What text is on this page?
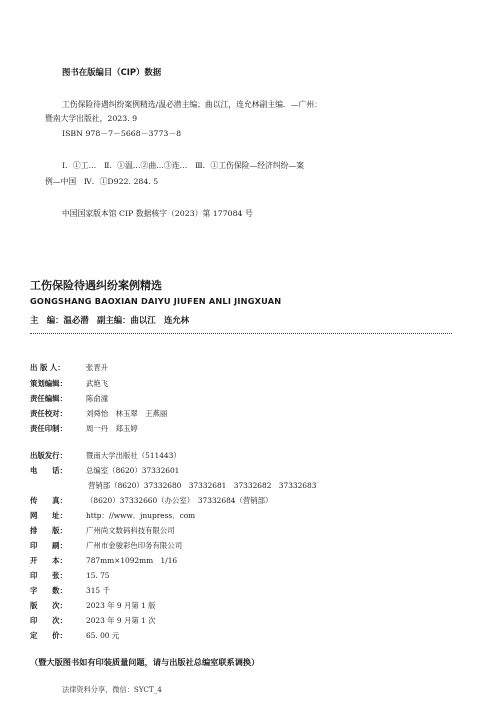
图书在版编目（CIP）数据
工伤保险待遇纠纷案例精选/温必潜主编；曲以江，连允林副主编．—广州：
暨南大学出版社，2023. 9
ISBN 978－7－5668－3773－8
Ⅰ．①工…　Ⅱ．①温…②曲…③连…　Ⅲ．①工伤保险—经济纠纷—案
例—中国　Ⅳ．①D922. 284. 5
中国国家版本馆 CIP 数据核字（2023）第 177084 号
工伤保险待遇纠纷案例精选
GONGSHANG BAOXIAN DAIYU JIUFEN ANLI JINGXUAN
主　编：温必潜　副主编：曲以江　连允林
出 版 人：	张晋升
策划编辑：	武艳飞
责任编辑：	陈俞潼
责任校对：	刘舜怡　林玉翠　王燕丽
责任印制：	周一丹　郑玉婷
出版发行：	暨南大学出版社（511443）
电　　话：	总编室（8620）37332601
营销部（8620）37332680　37332681　37332682　37332683
传　　真：	（8620）37332660（办公室）　37332684（营销部）
网　　址：	http：//www．jnupress．com
排　　版：	广州尚文数码科技有限公司
印　　刷：	广州市金骏彩色印务有限公司
开　　本：	787mm×1092mm　1/16
印　　张：	15. 75
字　　数：	315 千
版　　次：	2023 年 9 月第 1 版
印　　次：	2023 年 9 月第 1 次
定　　价：	65. 00 元
（暨大版图书如有印装质量问题，请与出版社总编室联系调换）
法律资料分享，微信：SYCT_4
